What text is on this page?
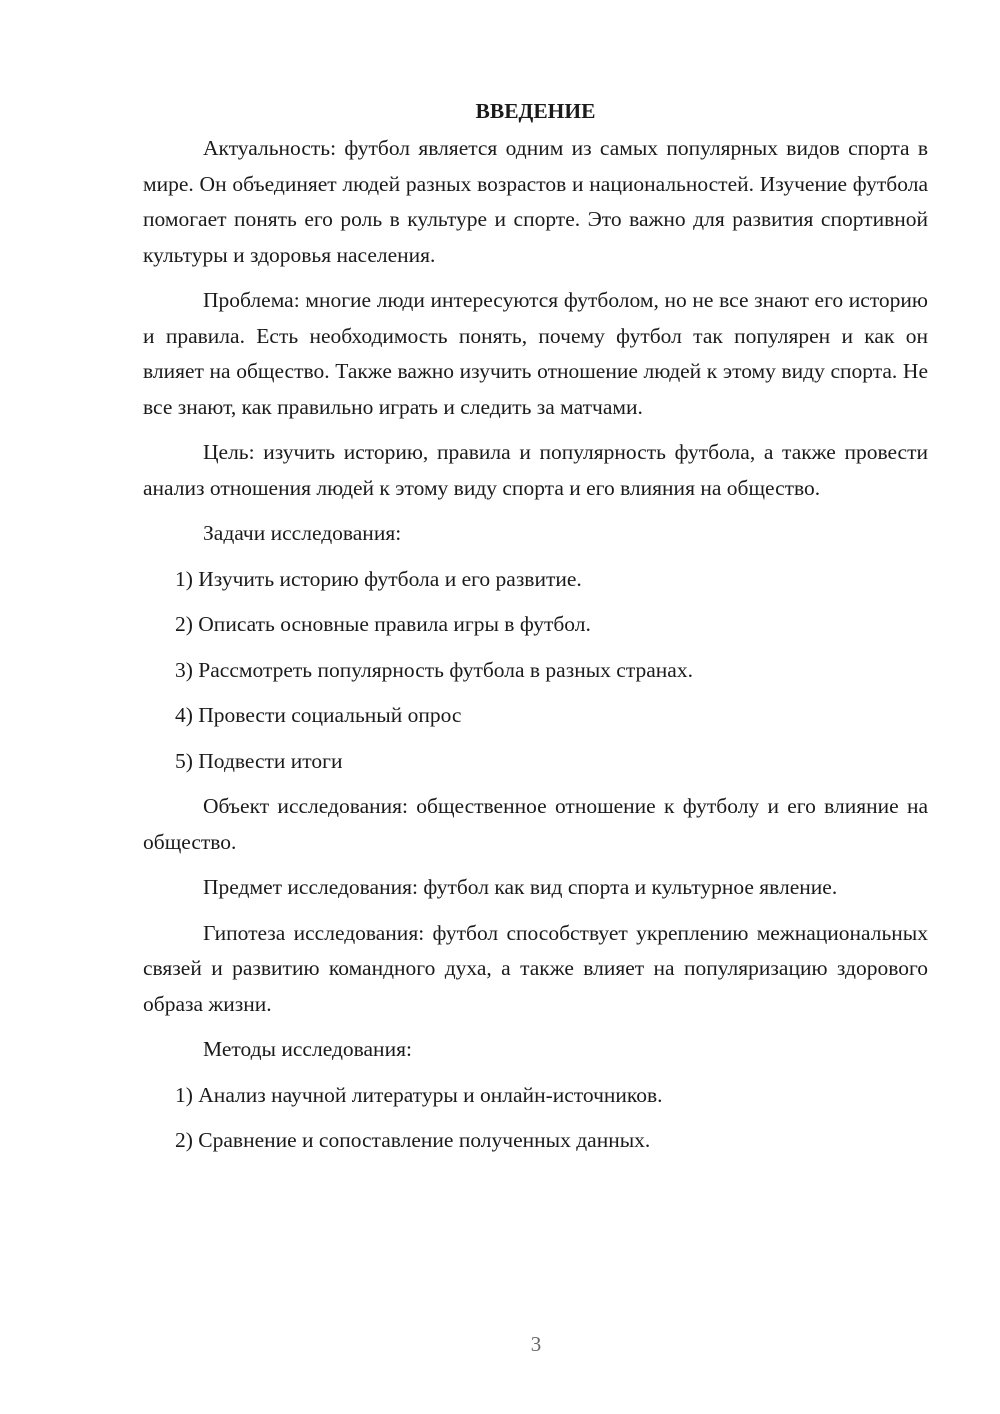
ВВЕДЕНИЕ

Актуальность: футбол является одним из самых популярных видов спорта в мире. Он объединяет людей разных возрастов и национальностей. Изучение футбола помогает понять его роль в культуре и спорте. Это важно для развития спортивной культуры и здоровья населения.

Проблема: многие люди интересуются футболом, но не все знают его историю и правила. Есть необходимость понять, почему футбол так популярен и как он влияет на общество. Также важно изучить отношение людей к этому виду спорта. Не все знают, как правильно играть и следить за матчами.

Цель: изучить историю, правила и популярность футбола, а также провести анализ отношения людей к этому виду спорта и его влияния на общество.

Задачи исследования:

1) Изучить историю футбола и его развитие.

2) Описать основные правила игры в футбол.

3) Рассмотреть популярность футбола в разных странах.

4) Провести социальный опрос

5) Подвести итоги

Объект исследования: общественное отношение к футболу и его влияние на общество.

Предмет исследования: футбол как вид спорта и культурное явление.

Гипотеза исследования: футбол способствует укреплению межнациональных связей и развитию командного духа, а также влияет на популяризацию здорового образа жизни.

Методы исследования:

1) Анализ научной литературы и онлайн-источников.

2) Сравнение и сопоставление полученных данных.

3
